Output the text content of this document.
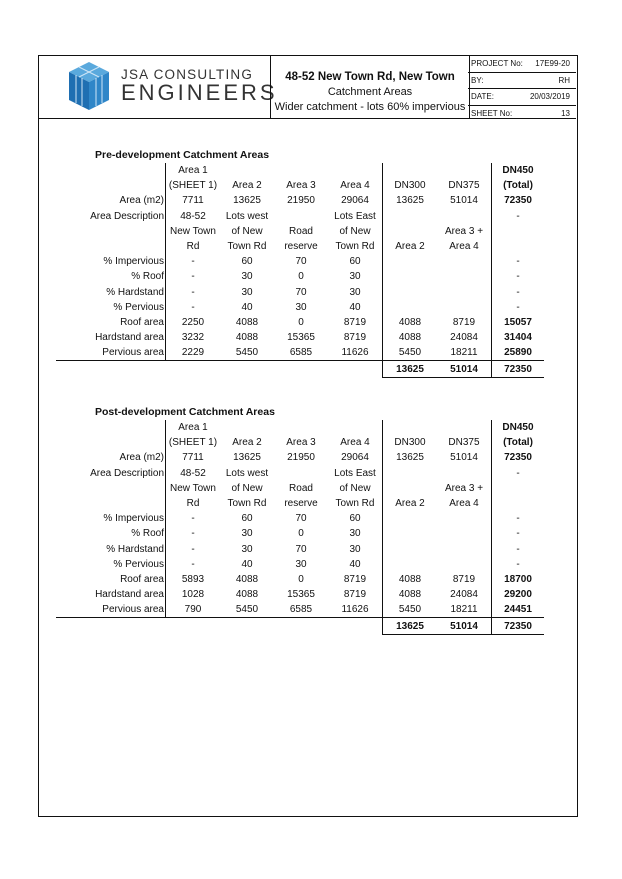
JSA CONSULTING
ENGINEERS
48-52 New Town Rd, New Town
Catchment Areas
Wider catchment - lots 60% impervious
PROJECT No: 17E99-20
BY:	RH
DATE:	20/03/2019
SHEET No:	13
Pre-development Catchment Areas
	Area 1						DN450
	(SHEET 1)	Area 2	Area 3	Area 4	DN300	DN375	(Total)
Area (m2)	7711	13625	21950	29064	13625	51014	72350
Area Description	48-52	Lots west		Lots East			-
	New Town	of New	Road	of New		Area 3 +	
	Rd	Town Rd	reserve	Town Rd	Area 2	Area 4	
% Impervious	-	60	70	60			-
% Roof	-	30	0	30			-
% Hardstand	-	30	70	30			-
% Pervious	-	40	30	40			-
Roof area	2250	4088	0	8719	4088	8719	15057
Hardstand area	3232	4088	15365	8719	4088	24084	31404
Pervious area	2229	5450	6585	11626	5450	18211	25890
					13625	51014	72350
Post-development Catchment Areas
	Area 1						DN450
	(SHEET 1)	Area 2	Area 3	Area 4	DN300	DN375	(Total)
Area (m2)	7711	13625	21950	29064	13625	51014	72350
Area Description	48-52	Lots west		Lots East			-
	New Town	of New	Road	of New		Area 3 +	
	Rd	Town Rd	reserve	Town Rd	Area 2	Area 4	
% Impervious	-	60	70	60			-
% Roof	-	30	0	30			-
% Hardstand	-	30	70	30			-
% Pervious	-	40	30	40			-
Roof area	5893	4088	0	8719	4088	8719	18700
Hardstand area	1028	4088	15365	8719	4088	24084	29200
Pervious area	790	5450	6585	11626	5450	18211	24451
					13625	51014	72350
